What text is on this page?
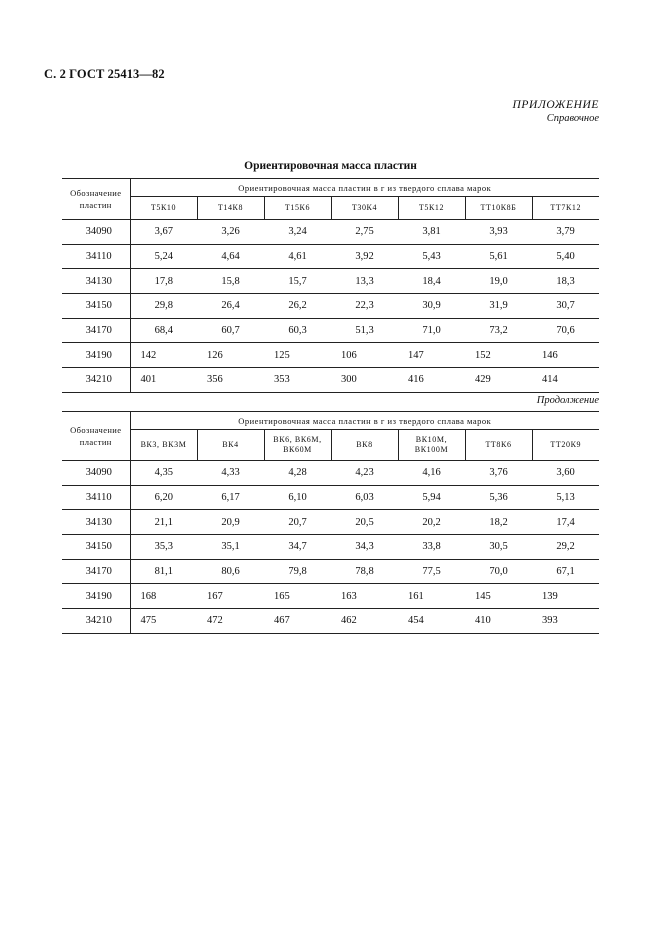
С. 2 ГОСТ 25413—82
ПРИЛОЖЕНИЕ
Справочное
Ориентировочная масса пластин
Обозначение пластин	Ориентировочная масса пластин в г из твердого сплава марок						
	Т5К10	Т14К8	Т15К6	Т30К4	Т5К12	ТТ10К8Б	ТТ7К12
34090	3,67	3,26	3,24	2,75	3,81	3,93	3,79
34110	5,24	4,64	4,61	3,92	5,43	5,61	5,40
34130	17,8	15,8	15,7	13,3	18,4	19,0	18,3
34150	29,8	26,4	26,2	22,3	30,9	31,9	30,7
34170	68,4	60,7	60,3	51,3	71,0	73,2	70,6
34190	142	126	125	106	147	152	146
34210	401	356	353	300	416	429	414
Продолжение
Обозначение пластин	Ориентировочная масса пластин в г из твердого сплава марок						
	ВК3, ВК3М	ВК4	ВК6, ВК6М, ВК60М	ВК8	ВК10М, ВК100М	ТТ8К6	ТТ20К9
34090	4,35	4,33	4,28	4,23	4,16	3,76	3,60
34110	6,20	6,17	6,10	6,03	5,94	5,36	5,13
34130	21,1	20,9	20,7	20,5	20,2	18,2	17,4
34150	35,3	35,1	34,7	34,3	33,8	30,5	29,2
34170	81,1	80,6	79,8	78,8	77,5	70,0	67,1
34190	168	167	165	163	161	145	139
34210	475	472	467	462	454	410	393
